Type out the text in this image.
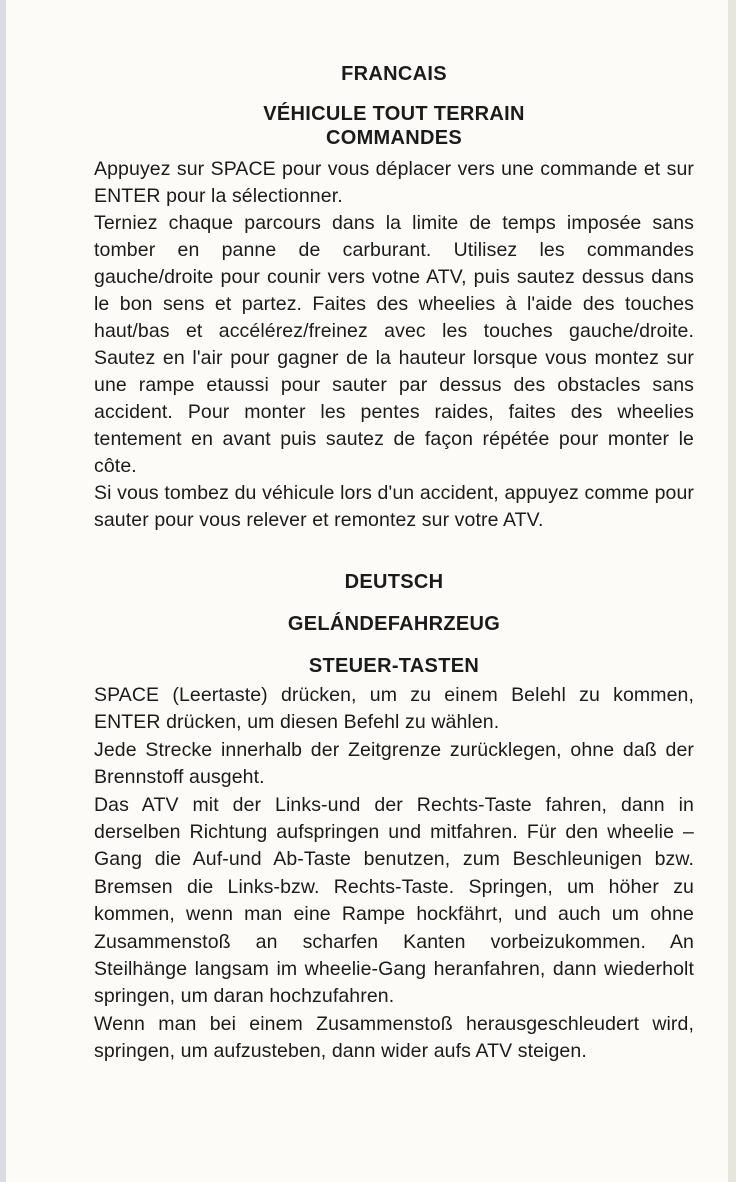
FRANCAIS
VÉHICULE TOUT TERRAIN
COMMANDES

Appuyez sur SPACE pour vous déplacer vers une commande et sur ENTER pour la sélectionner.

Terniez chaque parcours dans la limite de temps imposée sans tomber en panne de carburant. Utilisez les commandes gauche/droite pour counir vers votne ATV, puis sautez dessus dans le bon sens et partez. Faites des wheelies à l'aide des touches haut/bas et accélérez/freinez avec les touches gauche/droite. Sautez en l'air pour gagner de la hauteur lorsque vous montez sur une rampe etaussi pour sauter par dessus des obstacles sans accident. Pour monter les pentes raides, faites des wheelies tentement en avant puis sautez de façon répétée pour monter le côte.

Si vous tombez du véhicule lors d'un accident, appuyez comme pour sauter pour vous relever et remontez sur votre ATV.

DEUTSCH
GELÁNDEFAHRZEUG
STEUER-TASTEN

SPACE (Leertaste) drücken, um zu einem Belehl zu kommen, ENTER drücken, um diesen Befehl zu wählen.

Jede Strecke innerhalb der Zeitgrenze zurücklegen, ohne daß der Brennstoff ausgeht.

Das ATV mit der Links-und der Rechts-Taste fahren, dann in derselben Richtung aufspringen und mitfahren. Für den wheelie – Gang die Auf-und Ab-Taste benutzen, zum Beschleunigen bzw. Bremsen die Links-bzw. Rechts-Taste. Springen, um höher zu kommen, wenn man eine Rampe hockfährt, und auch um ohne Zusammenstoß an scharfen Kanten vorbeizukommen. An Steilhänge langsam im wheelie-Gang heranfahren, dann wiederholt springen, um daran hochzufahren.

Wenn man bei einem Zusammenstoß herausgeschleudert wird, springen, um aufzusteben, dann wider aufs ATV steigen.
